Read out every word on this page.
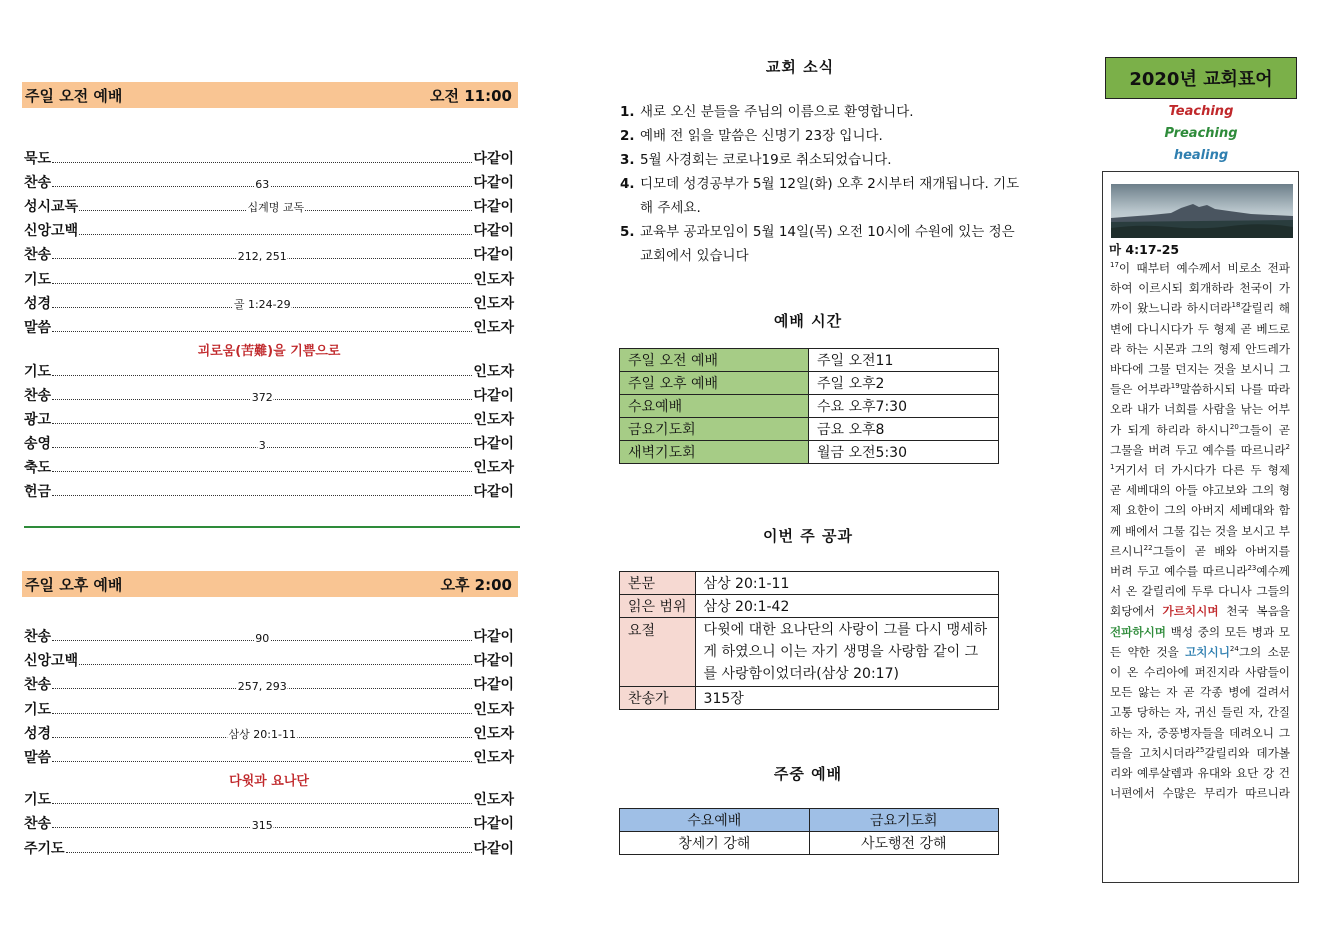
주일 오전 예배	오전 11:00
묵도	다같이
찬송	63	다같이
성시교독	십계명 교독	다같이
신앙고백	다같이
찬송	212, 251	다같이
기도	인도자
성경	골 1:24-29	인도자
말씀	인도자
괴로움(苦難)을 기쁨으로
기도	인도자
찬송	372	다같이
광고	인도자
송영	3	다같이
축도	인도자
헌금	다같이
주일 오후 예배	오후 2:00
찬송	90	다같이
신앙고백	다같이
찬송	257, 293	다같이
기도	인도자
성경	삼상 20:1-11	인도자
말씀	인도자
다윗과 요나단
기도	인도자
찬송	315	다같이
주기도	다같이
교회 소식
1. 새로 오신 분들을 주님의 이름으로 환영합니다.
2. 예배 전 읽을 말씀은 신명기 23장 입니다.
3. 5월 사경회는 코로나19로 취소되었습니다.
4. 디모데 성경공부가 5월 12일(화) 오후 2시부터 재개됩니다. 기도해 주세요.
5. 교육부 공과모임이 5월 14일(목) 오전 10시에 수원에 있는 정은 교회에서 있습니다
예배 시간
주일 오전 예배	주일 오전11
주일 오후 예배	주일 오후2
수요예배	수요 오후7:30
금요기도회	금요 오후8
새벽기도회	월금 오전5:30
이번 주 공과
본문	삼상 20:1-11
읽은 범위	삼상 20:1-42
요절	다윗에 대한 요나단의 사랑이 그를 다시 맹세하게 하였으니 이는 자기 생명을 사랑함 같이 그를 사랑함이었더라(삼상 20:17)
찬송가	315장
주중 예배
수요예배	금요기도회
창세기 강해	사도행전 강해
2020년 교회표어
Teaching
Preaching
healing
마 4:17-25
$^{17}$이 때부터 예수께서 비로소 전파하여 이르시되 회개하라 천국이 가까이 왔느니라 하시더라$^{18}$갈릴리 해변에 다니시다가 두 형제 곧 베드로라 하는 시몬과 그의 형제 안드레가 바다에 그물 던지는 것을 보시니 그들은 어부라$^{19}$말씀하시되 나를 따라오라 내가 너희를 사람을 낚는 어부가 되게 하리라 하시니$^{20}$그들이 곧 그물을 버려 두고 예수를 따르니라$^{21}$거기서 더 가시다가 다른 두 형제 곧 세베대의 아들 야고보와 그의 형제 요한이 그의 아버지 세베대와 함께 배에서 그물 깁는 것을 보시고 부르시니$^{22}$그들이 곧 배와 아버지를 버려 두고 예수를 따르니라$^{23}$예수께서 온 갈릴리에 두루 다니사 그들의 회당에서 가르치시며 천국 복음을 전파하시며 백성 중의 모든 병과 모든 약한 것을 고치시니$^{24}$그의 소문이 온 수리아에 퍼진지라 사람들이 모든 앓는 자 곧 각종 병에 걸려서 고통 당하는 자, 귀신 들린 자, 간질하는 자, 중풍병자들을 데려오니 그들을 고치시더라$^{25}$갈릴리와 데가볼리와 예루살렘과 유대와 요단 강 건너편에서 수많은 무리가 따르니라
